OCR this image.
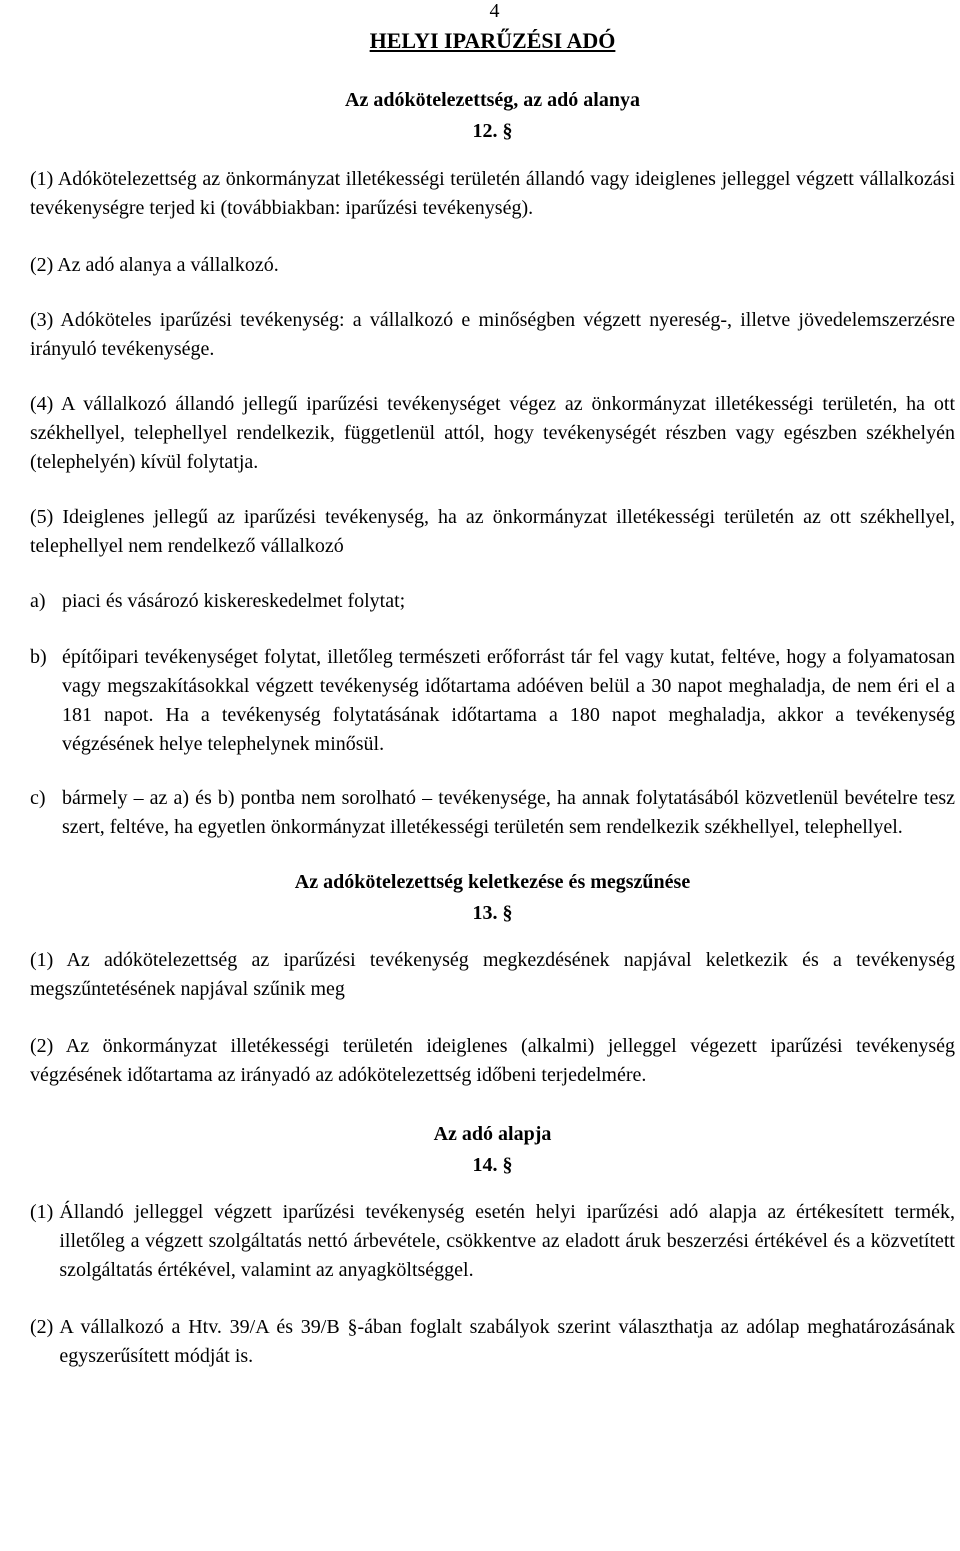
4
HELYI IPARŰZÉSI ADÓ
Az adókötelezettség, az adó alanya
12. §

(1) Adókötelezettség az önkormányzat illetékességi területén állandó vagy ideiglenes jelleggel végzett vállalkozási tevékenységre terjed ki (továbbiakban: iparűzési tevékenység).

(2) Az adó alanya a vállalkozó.

(3) Adóköteles iparűzési tevékenység: a vállalkozó e minőségben végzett nyereség-, illetve jövedelemszerzésre irányuló tevékenysége.

(4) A vállalkozó állandó jellegű iparűzési tevékenységet végez az önkormányzat illetékességi területén, ha ott székhellyel, telephellyel rendelkezik, függetlenül attól, hogy tevékenységét részben vagy egészben székhelyén (telephelyén) kívül folytatja.

(5) Ideiglenes jellegű az iparűzési tevékenység, ha az önkormányzat illetékességi területén az ott székhellyel, telephellyel nem rendelkező vállalkozó

a) piaci és vásározó kiskereskedelmet folytat;
b) építőipari tevékenységet folytat, illetőleg természeti erőforrást tár fel vagy kutat, feltéve, hogy a folyamatosan vagy megszakításokkal végzett tevékenység időtartama adóéven belül a 30 napot meghaladja, de nem éri el a 181 napot. Ha a tevékenység folytatásának időtartama a 180 napot meghaladja, akkor a tevékenység végzésének helye telephelynek minősül.
c) bármely – az a) és b) pontba nem sorolható – tevékenysége, ha annak folytatásából közvetlenül bevételre tesz szert, feltéve, ha egyetlen önkormányzat illetékességi területén sem rendelkezik székhellyel, telephellyel.
Az adókötelezettség keletkezése és megszűnése
13. §

(1) Az adókötelezettség az iparűzési tevékenység megkezdésének napjával keletkezik és a tevékenység megszűntetésének napjával szűnik meg

(2) Az önkormányzat illetékességi területén ideiglenes (alkalmi) jelleggel végezett iparűzési tevékenység végzésének időtartama az irányadó az adókötelezettség időbeni terjedelmére.

Az adó alapja
14. §
(1) Állandó jelleggel végzett iparűzési tevékenység esetén helyi iparűzési adó alapja az értékesített termék, illetőleg a végzett szolgáltatás nettó árbevétele, csökkentve az eladott áruk beszerzési értékével és a közvetített szolgáltatás értékével, valamint az anyagköltséggel.
(2) A vállalkozó a Htv. 39/A és 39/B §-ában foglalt szabályok szerint választhatja az adólap meghatározásának egyszerűsített módját is.
